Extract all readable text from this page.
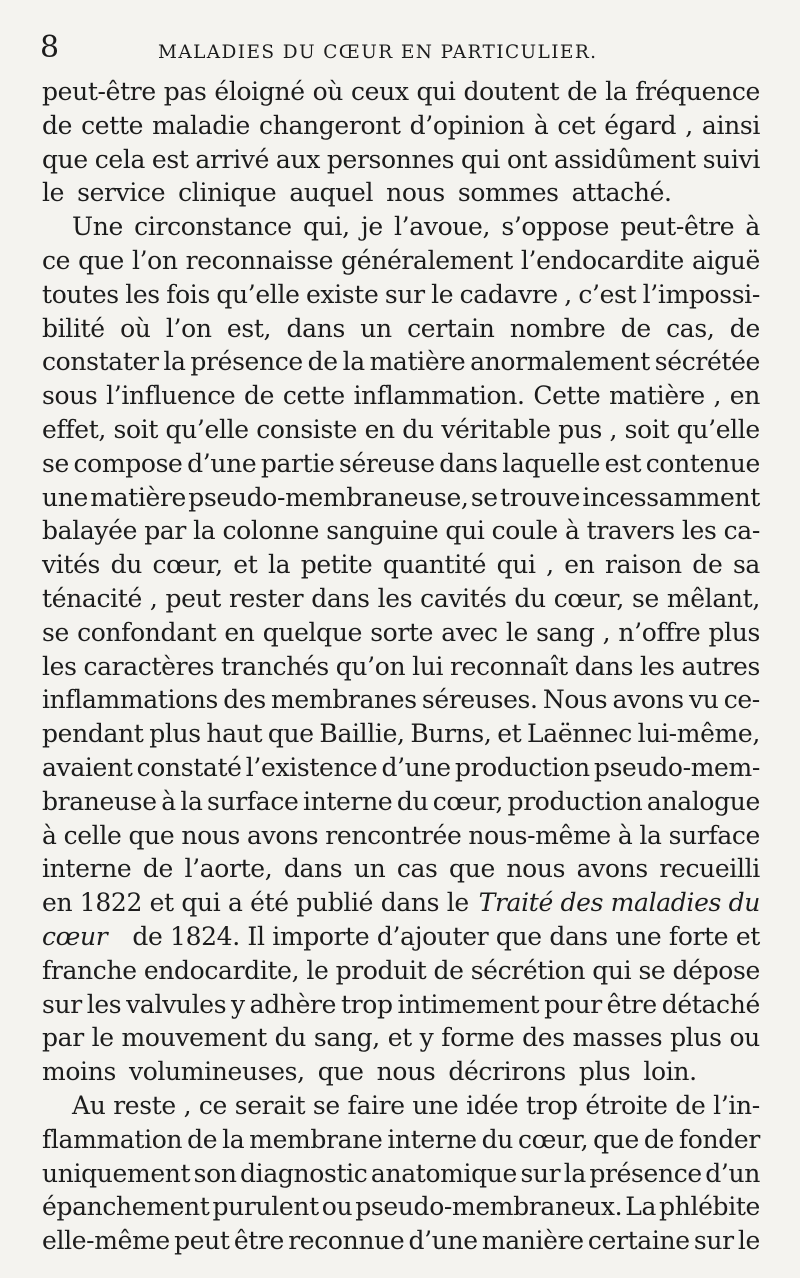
8	MALADIES DU CŒUR EN PARTICULIER.
peut-être pas éloigné où ceux qui doutent de la fréquence
de cette maladie changeront d’opinion à cet égard , ainsi
que cela est arrivé aux personnes qui ont assidûment suivi
le service clinique auquel nous sommes attaché.
Une circonstance qui, je l’avoue, s’oppose peut-être à
ce que l’on reconnaisse généralement l’endocardite aiguë
toutes les fois qu’elle existe sur le cadavre , c’est l’impossi-
bilité où l’on est, dans un certain nombre de cas, de
constater la présence de la matière anormalement sécrétée
sous l’influence de cette inflammation. Cette matière , en
effet, soit qu’elle consiste en du véritable pus , soit qu’elle
se compose d’une partie séreuse dans laquelle est contenue
une matière pseudo-membraneuse, se trouve incessamment
balayée par la colonne sanguine qui coule à travers les ca-
vités du cœur, et la petite quantité qui , en raison de sa
ténacité , peut rester dans les cavités du cœur, se mêlant,
se confondant en quelque sorte avec le sang , n’offre plus
les caractères tranchés qu’on lui reconnaît dans les autres
inflammations des membranes séreuses. Nous avons vu ce-
pendant plus haut que Baillie, Burns, et Laënnec lui-même,
avaient constaté l’existence d’une production pseudo-mem-
braneuse à la surface interne du cœur, production analogue
à celle que nous avons rencontrée nous-même à la surface
interne de l’aorte, dans un cas que nous avons recueilli
en 1822 et qui a été publié dans le Traité des maladies du
cœur de 1824. Il importe d’ajouter que dans une forte et
franche endocardite, le produit de sécrétion qui se dépose
sur les valvules y adhère trop intimement pour être détaché
par le mouvement du sang, et y forme des masses plus ou
moins volumineuses, que nous décrirons plus loin.
Au reste , ce serait se faire une idée trop étroite de l’in-
flammation de la membrane interne du cœur, que de fonder
uniquement son diagnostic anatomique sur la présence d’un
épanchement purulent ou pseudo-membraneux. La phlébite
elle-même peut être reconnue d’une manière certaine sur le
